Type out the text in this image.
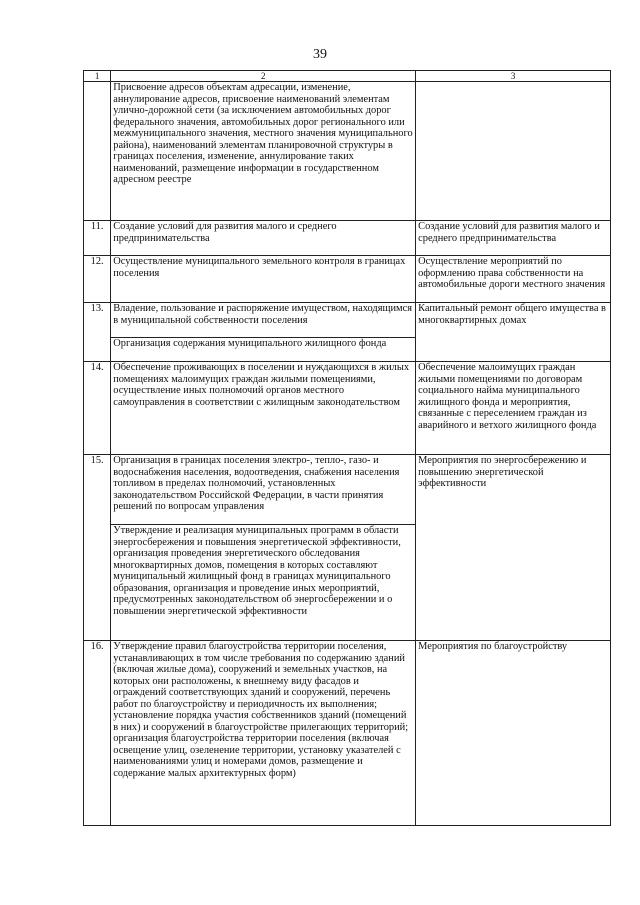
39
1	2	3
	Присвоение адресов объектам адресации, изменение, аннулирование адресов, присвоение наименований элементам улично-дорожной сети (за исключением автомобильных дорог федерального значения, автомобильных дорог регионального или межмуниципального значения, местного значения муниципального района), наименований элементам планировочной структуры в границах поселения, изменение, аннулирование таких наименований, размещение информации в государственном адресном реестре	
11.	Создание условий для развития малого и среднего предпринимательства	Создание условий для развития малого и среднего предпринимательства
12.	Осуществление муниципального земельного контроля в границах поселения	Осуществление мероприятий по оформлению права собственности на автомобильные дороги местного значения
13.	Владение, пользование и распоряжение имуществом, находящимся в муниципальной собственности поселения	Капитальный ремонт общего имущества в многоквартирных домах
	Организация содержания муниципального жилищного фонда	
14.	Обеспечение проживающих в поселении и нуждающихся в жилых помещениях малоимущих граждан жилыми помещениями, осуществление иных полномочий органов местного самоуправления в соответствии с жилищным законодательством	Обеспечение малоимущих граждан жилыми помещениями по договорам социального найма муниципального жилищного фонда и мероприятия, связанные с переселением граждан из аварийного и ветхого жилищного фонда
15.	Организация в границах поселения электро-, тепло-, газо- и водоснабжения населения, водоотведения, снабжения населения топливом в пределах полномочий, установленных законодательством Российской Федерации, в части принятия решений по вопросам управления	Мероприятия по энергосбережению и повышению энергетической эффективности
	Утверждение и реализация муниципальных программ в области энергосбережения и повышения энергетической эффективности, организация проведения энергетического обследования многоквартирных домов, помещения в которых составляют муниципальный жилищный фонд в границах муниципального образования, организация и проведение иных мероприятий, предусмотренных законодательством об энергосбережении и о повышении энергетической эффективности	
16.	Утверждение правил благоустройства территории поселения, устанавливающих в том числе требования по содержанию зданий (включая жилые дома), сооружений и земельных участков, на которых они расположены, к внешнему виду фасадов и ограждений соответствующих зданий и сооружений, перечень работ по благоустройству и периодичность их выполнения; установление порядка участия собственников зданий (помещений в них) и сооружений в благоустройстве прилегающих территорий; организация благоустройства территории поселения (включая освещение улиц, озеленение территории, установку указателей с наименованиями улиц и номерами домов, размещение и содержание малых архитектурных форм)	Мероприятия по благоустройству
